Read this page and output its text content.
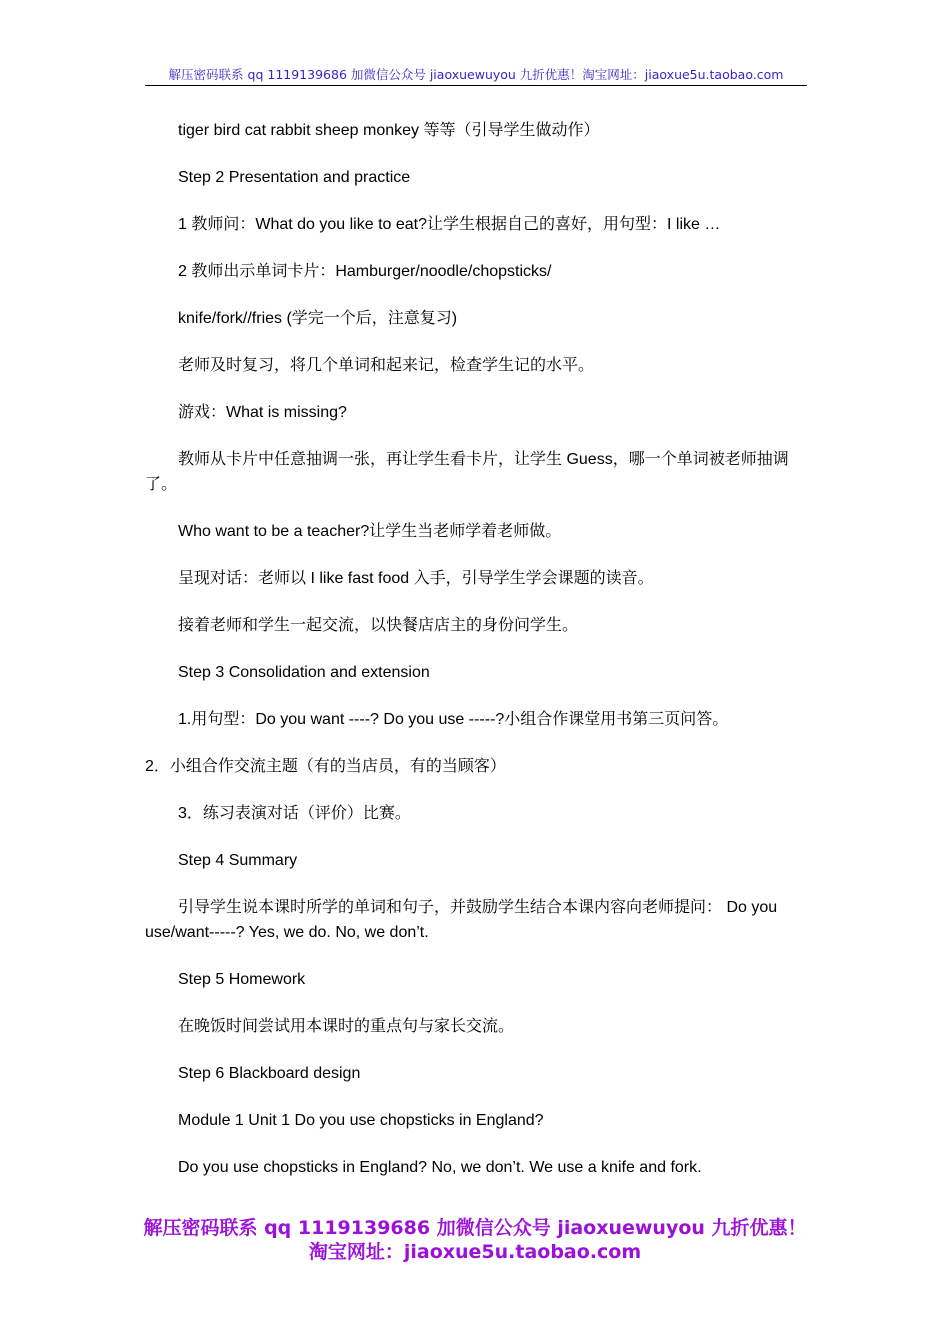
解压密码联系 qq 1119139686 加微信公众号 jiaoxuewuyou 九折优惠！淘宝网址：jiaoxue5u.taobao.com

tiger bird cat rabbit sheep monkey 等等（引导学生做动作）

Step 2 Presentation and practice

1 教师问：What do you like to eat?让学生根据自己的喜好，用句型：I like …

2 教师出示单词卡片：Hamburger/noodle/chopsticks/

knife/fork//fries (学完一个后，注意复习)

老师及时复习，将几个单词和起来记，检查学生记的水平。

游戏：What is missing?

教师从卡片中任意抽调一张，再让学生看卡片，让学生 Guess，哪一个单词被老师抽调了。

Who want to be a teacher?让学生当老师学着老师做。

呈现对话：老师以 I like fast food 入手，引导学生学会课题的读音。

接着老师和学生一起交流，以快餐店店主的身份问学生。

Step 3 Consolidation and extension

1.用句型：Do you want ----? Do you use -----?小组合作课堂用书第三页问答。

2．小组合作交流主题（有的当店员，有的当顾客）

3．练习表演对话（评价）比赛。

Step 4 Summary

引导学生说本课时所学的单词和句子，并鼓励学生结合本课内容向老师提问： Do you use/want-----? Yes, we do. No, we don’t.

Step 5 Homework

在晚饭时间尝试用本课时的重点句与家长交流。

Step 6 Blackboard design

Module 1 Unit 1 Do you use chopsticks in England?

Do you use chopsticks in England? No, we don’t. We use a knife and fork.

解压密码联系 qq 1119139686 加微信公众号 jiaoxuewuyou 九折优惠！
淘宝网址：jiaoxue5u.taobao.com
